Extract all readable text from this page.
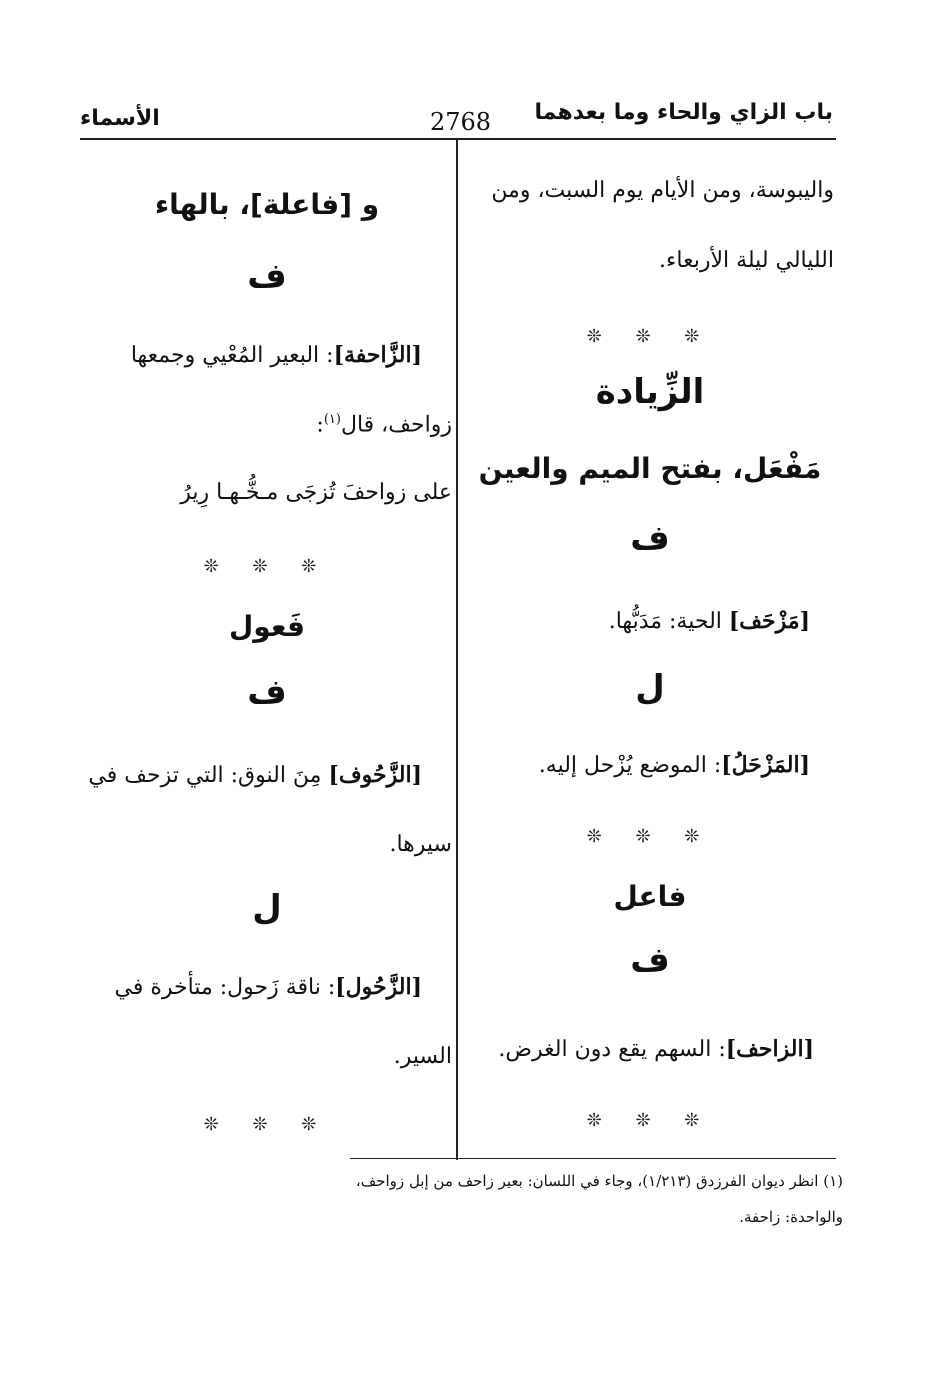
باب الزاي والحاء وما بعدهما
2768
الأسماء
واليبوسة، ومن الأيام يوم السبت، ومن
الليالي ليلة الأربعاء.
❊ ❊ ❊
الزِّيادة
مَفْعَل، بفتح الميم والعين
ف
[مَزْحَف] الحية: مَدَبُّها.
ل
[المَزْحَلُ]: الموضع يُزْحل إليه.
❊ ❊ ❊
فاعل
ف
[الزاحف]: السهم يقع دون الغرض.
❊ ❊ ❊
و [فاعلة]، بالهاء
ف
[الزَّاحفة]: البعير المُعْيي وجمعها
زواحف، قال$^{(١)}$:
على زواحفَ تُزجَى مـخُّـهـا رِيرُ
❊ ❊ ❊
فَعول
ف
[الزَّحُوف] مِنَ النوق: التي تزحف في
سيرها.
ل
[الزَّحُول]: ناقة زَحول: متأخرة في
السير.
❊ ❊ ❊
(١) انظر ديوان الفرزدق (١/٢١٣)، وجاء في اللسان: بعير زاحف من إبل زواحف،
والواحدة: زاحفة.
